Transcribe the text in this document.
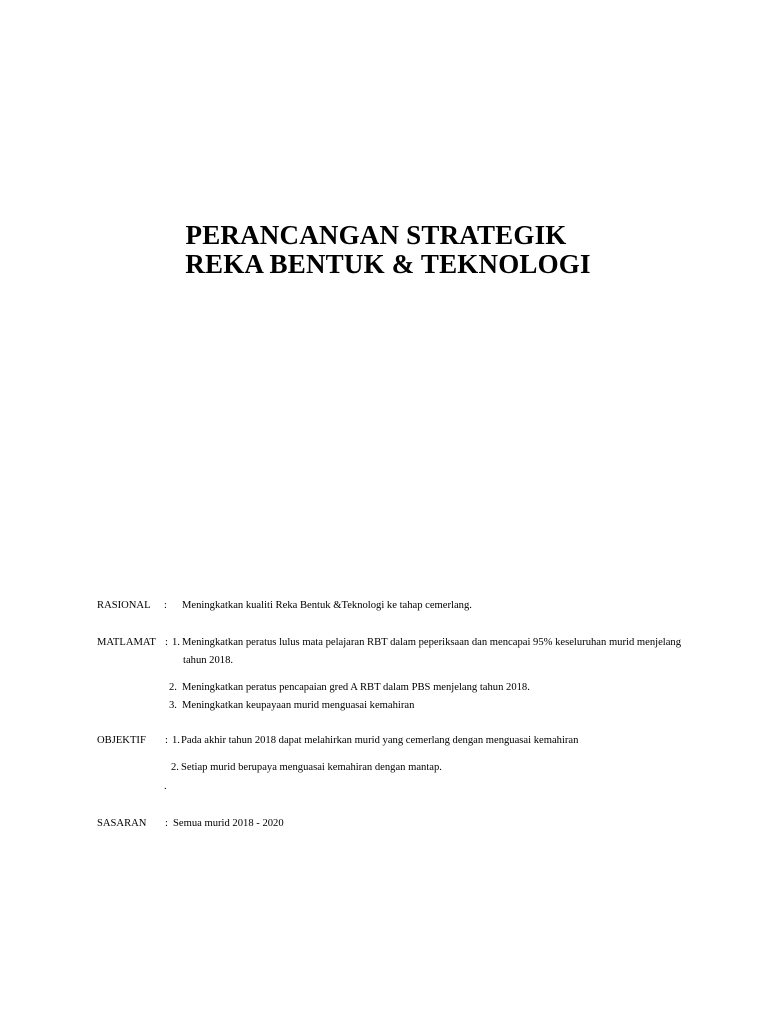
PERANCANGAN STRATEGIK
REKA BENTUK & TEKNOLOGI
RASIONAL : Meningkatkan kualiti Reka Bentuk &Teknologi ke tahap cemerlang.
MATLAMAT : 1. Meningkatkan peratus lulus mata pelajaran RBT dalam peperiksaan dan mencapai 95% keseluruhan murid menjelang
tahun 2018.
2. Meningkatkan peratus pencapaian gred A RBT dalam PBS menjelang tahun 2018.
3. Meningkatkan keupayaan murid menguasai kemahiran
OBJEKTIF : 1. Pada akhir tahun 2018 dapat melahirkan murid yang cemerlang dengan menguasai kemahiran
2. Setiap murid berupaya menguasai kemahiran dengan mantap.
.
SASARAN : Semua murid 2018 - 2020
